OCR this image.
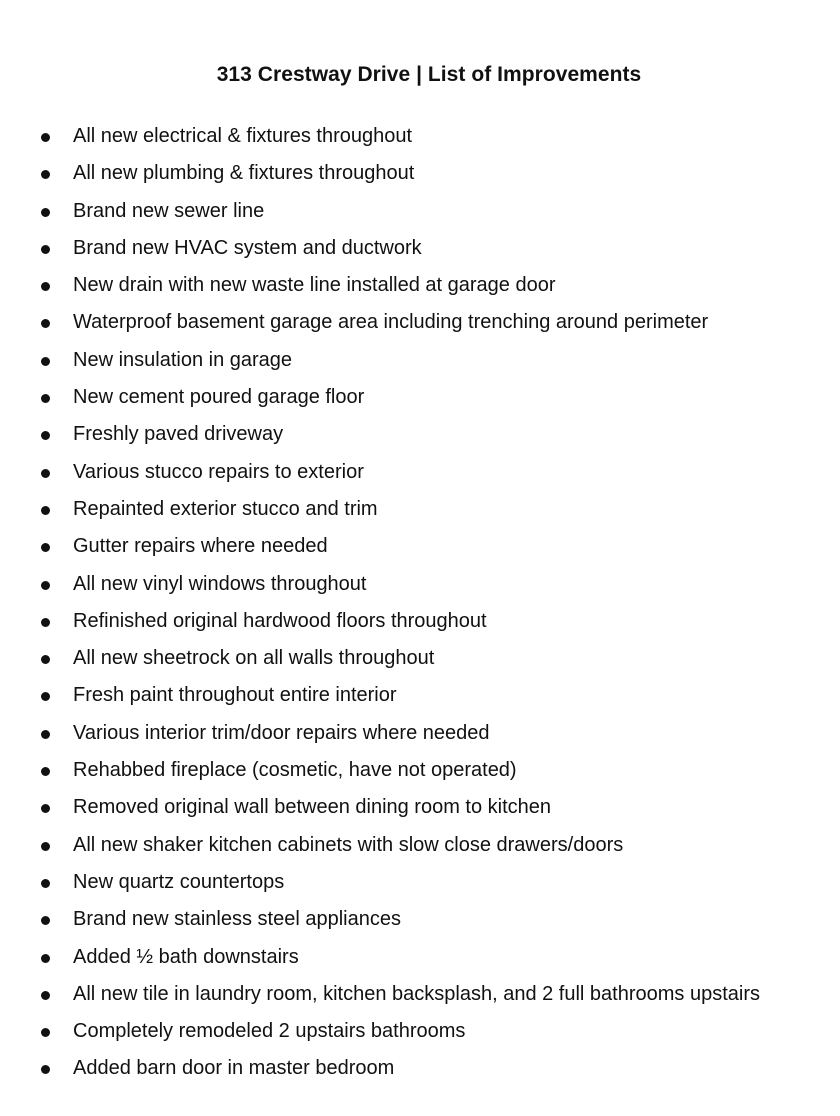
313 Crestway Drive | List of Improvements
All new electrical & fixtures throughout
All new plumbing & fixtures throughout
Brand new sewer line
Brand new HVAC system and ductwork
New drain with new waste line installed at garage door
Waterproof basement garage area including trenching around perimeter
New insulation in garage
New cement poured garage floor
Freshly paved driveway
Various stucco repairs to exterior
Repainted exterior stucco and trim
Gutter repairs where needed
All new vinyl windows throughout
Refinished original hardwood floors throughout
All new sheetrock on all walls throughout
Fresh paint throughout entire interior
Various interior trim/door repairs where needed
Rehabbed fireplace (cosmetic, have not operated)
Removed original wall between dining room to kitchen
All new shaker kitchen cabinets with slow close drawers/doors
New quartz countertops
Brand new stainless steel appliances
Added ½ bath downstairs
All new tile in laundry room, kitchen backsplash, and 2 full bathrooms upstairs
Completely remodeled 2 upstairs bathrooms
Added barn door in master bedroom
